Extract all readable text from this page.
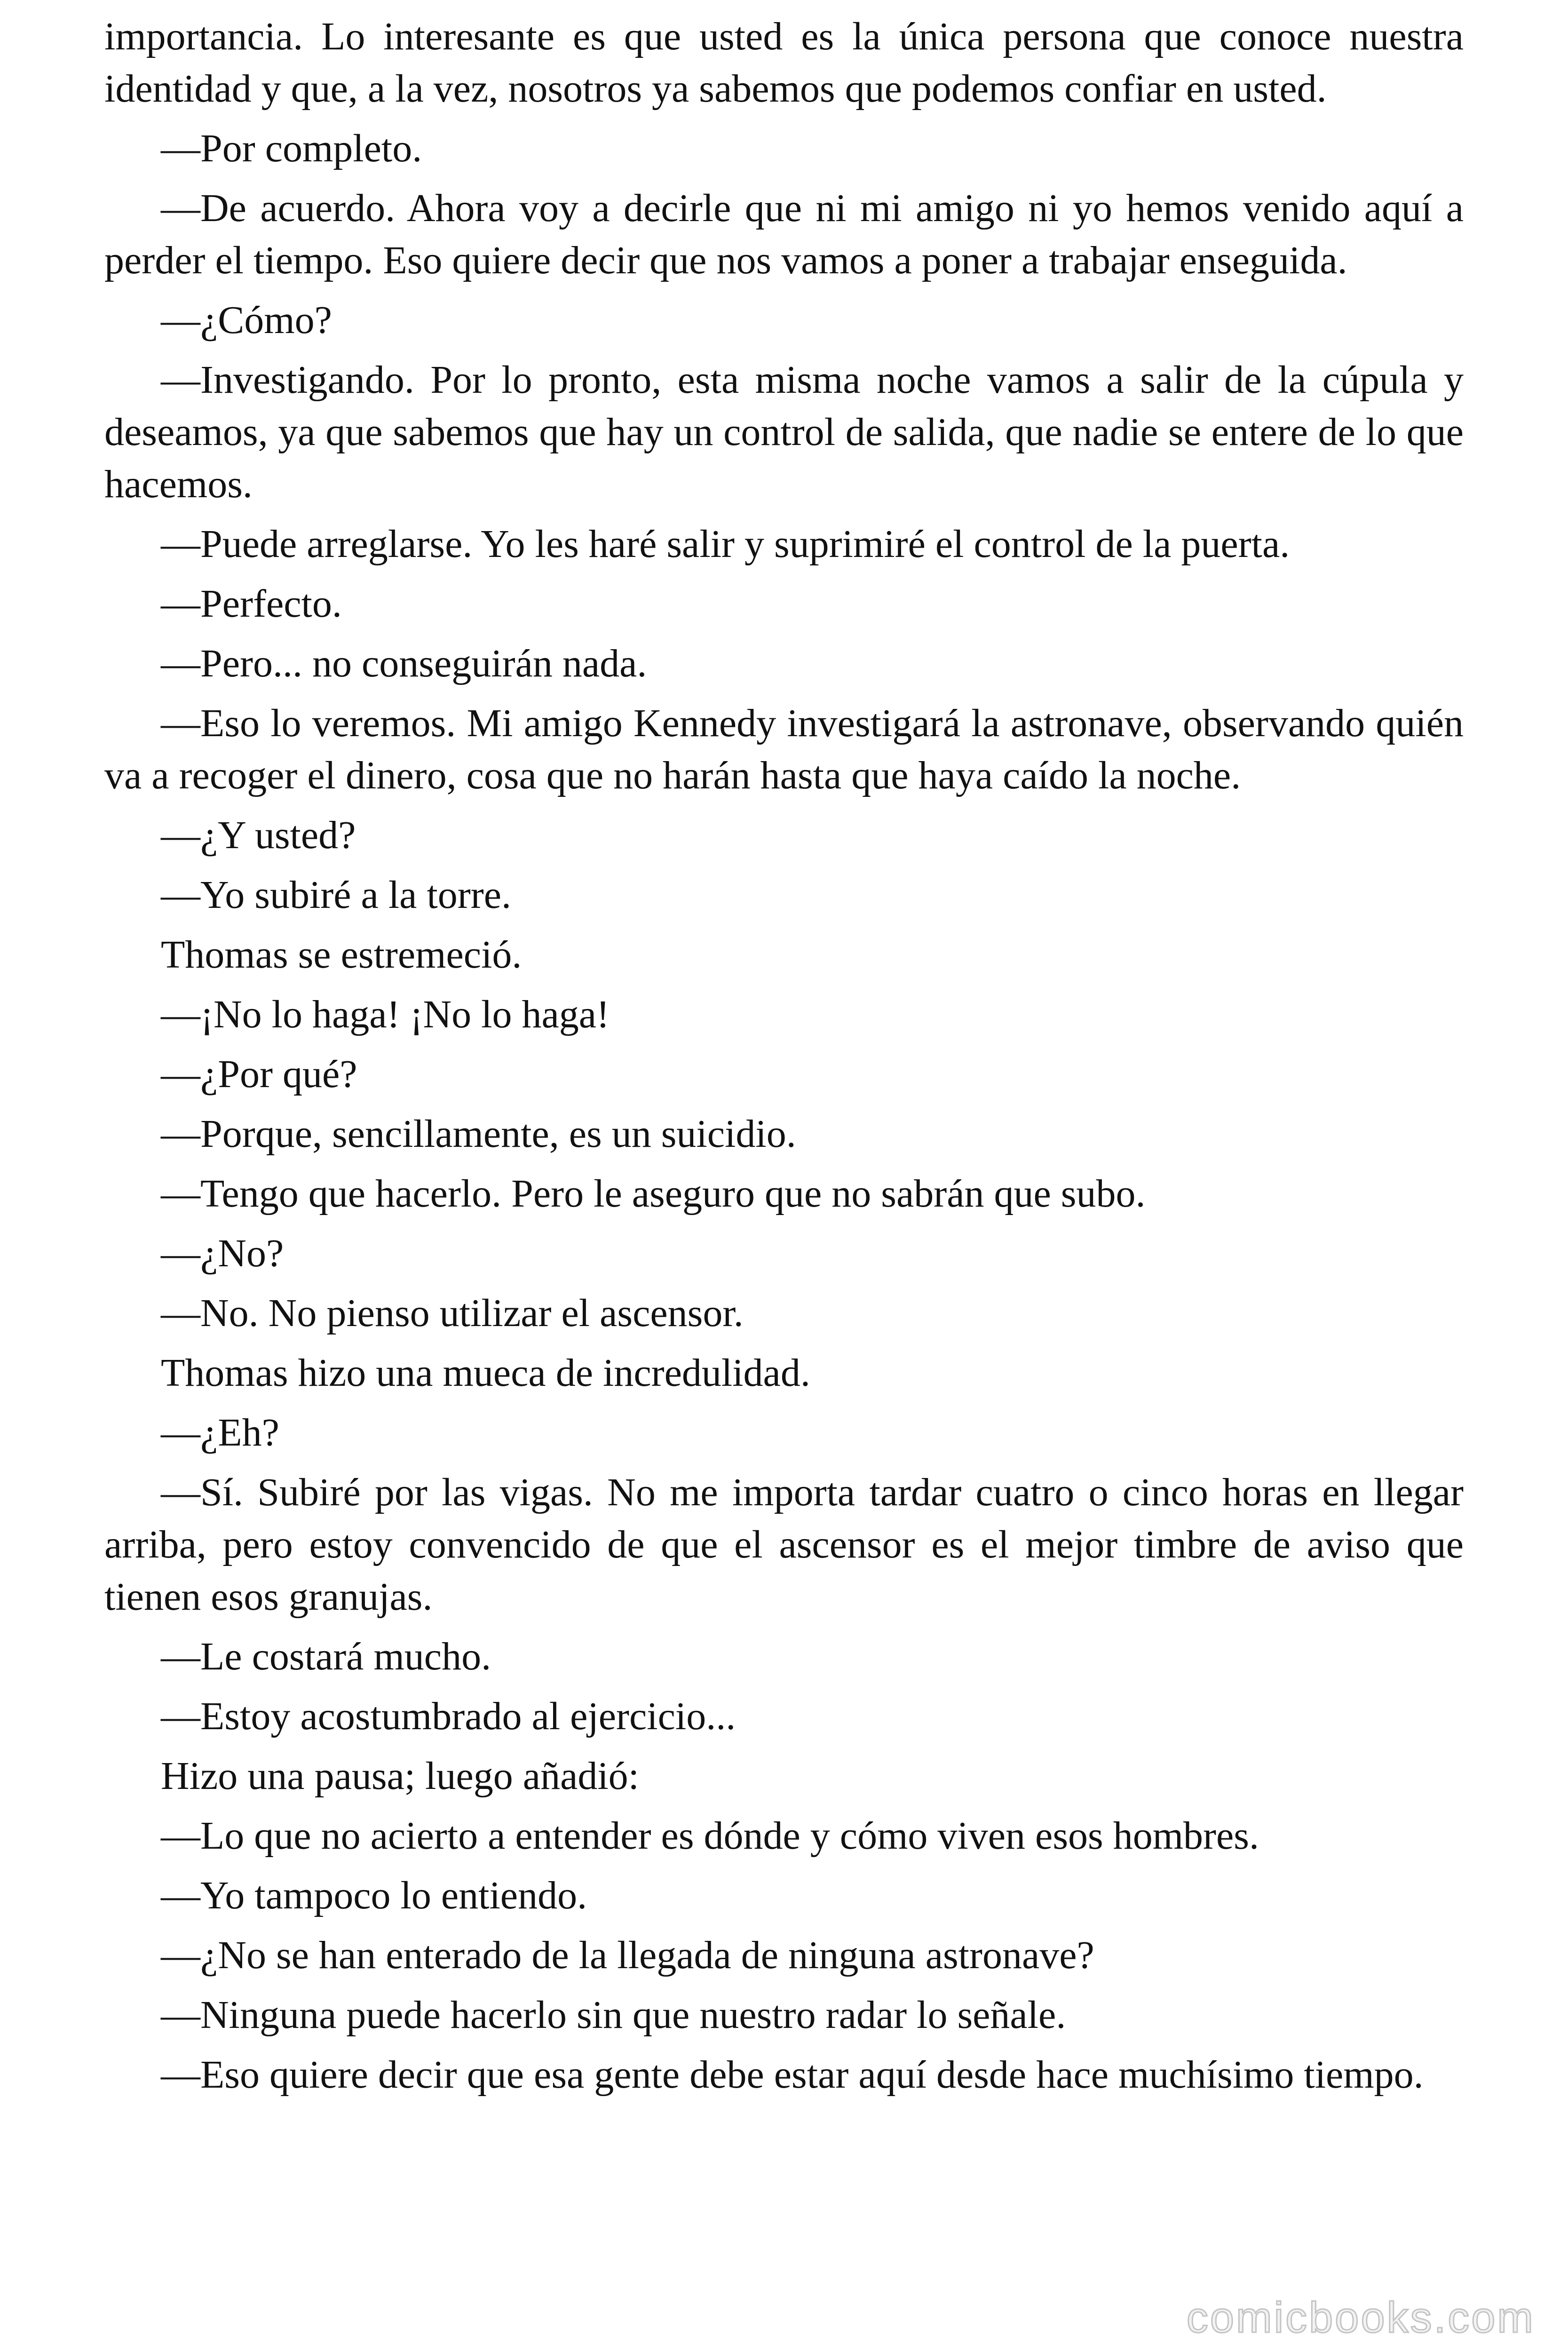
importancia. Lo interesante es que usted es la única persona que conoce nuestra identidad y que, a la vez, nosotros ya sabemos que podemos confiar en usted.

—Por completo.

—De acuerdo. Ahora voy a decirle que ni mi amigo ni yo hemos venido aquí a perder el tiempo. Eso quiere decir que nos vamos a poner a trabajar enseguida.

—¿Cómo?

—Investigando. Por lo pronto, esta misma noche vamos a salir de la cúpula y deseamos, ya que sabemos que hay un control de salida, que nadie se entere de lo que hacemos.

—Puede arreglarse. Yo les haré salir y suprimiré el control de la puerta.

—Perfecto.

—Pero... no conseguirán nada.

—Eso lo veremos. Mi amigo Kennedy investigará la astronave, observando quién va a recoger el dinero, cosa que no harán hasta que haya caído la noche.

—¿Y usted?

—Yo subiré a la torre.

Thomas se estremeció.

—¡No lo haga! ¡No lo haga!

—¿Por qué?

—Porque, sencillamente, es un suicidio.

—Tengo que hacerlo. Pero le aseguro que no sabrán que subo.

—¿No?

—No. No pienso utilizar el ascensor.

Thomas hizo una mueca de incredulidad.

—¿Eh?

—Sí. Subiré por las vigas. No me importa tardar cuatro o cinco horas en llegar arriba, pero estoy convencido de que el ascensor es el mejor timbre de aviso que tienen esos granujas.

—Le costará mucho.

—Estoy acostumbrado al ejercicio...

Hizo una pausa; luego añadió:

—Lo que no acierto a entender es dónde y cómo viven esos hombres.

—Yo tampoco lo entiendo.

—¿No se han enterado de la llegada de ninguna astronave?

—Ninguna puede hacerlo sin que nuestro radar lo señale.

—Eso quiere decir que esa gente debe estar aquí desde hace muchísimo tiempo.

comicbooks.com
